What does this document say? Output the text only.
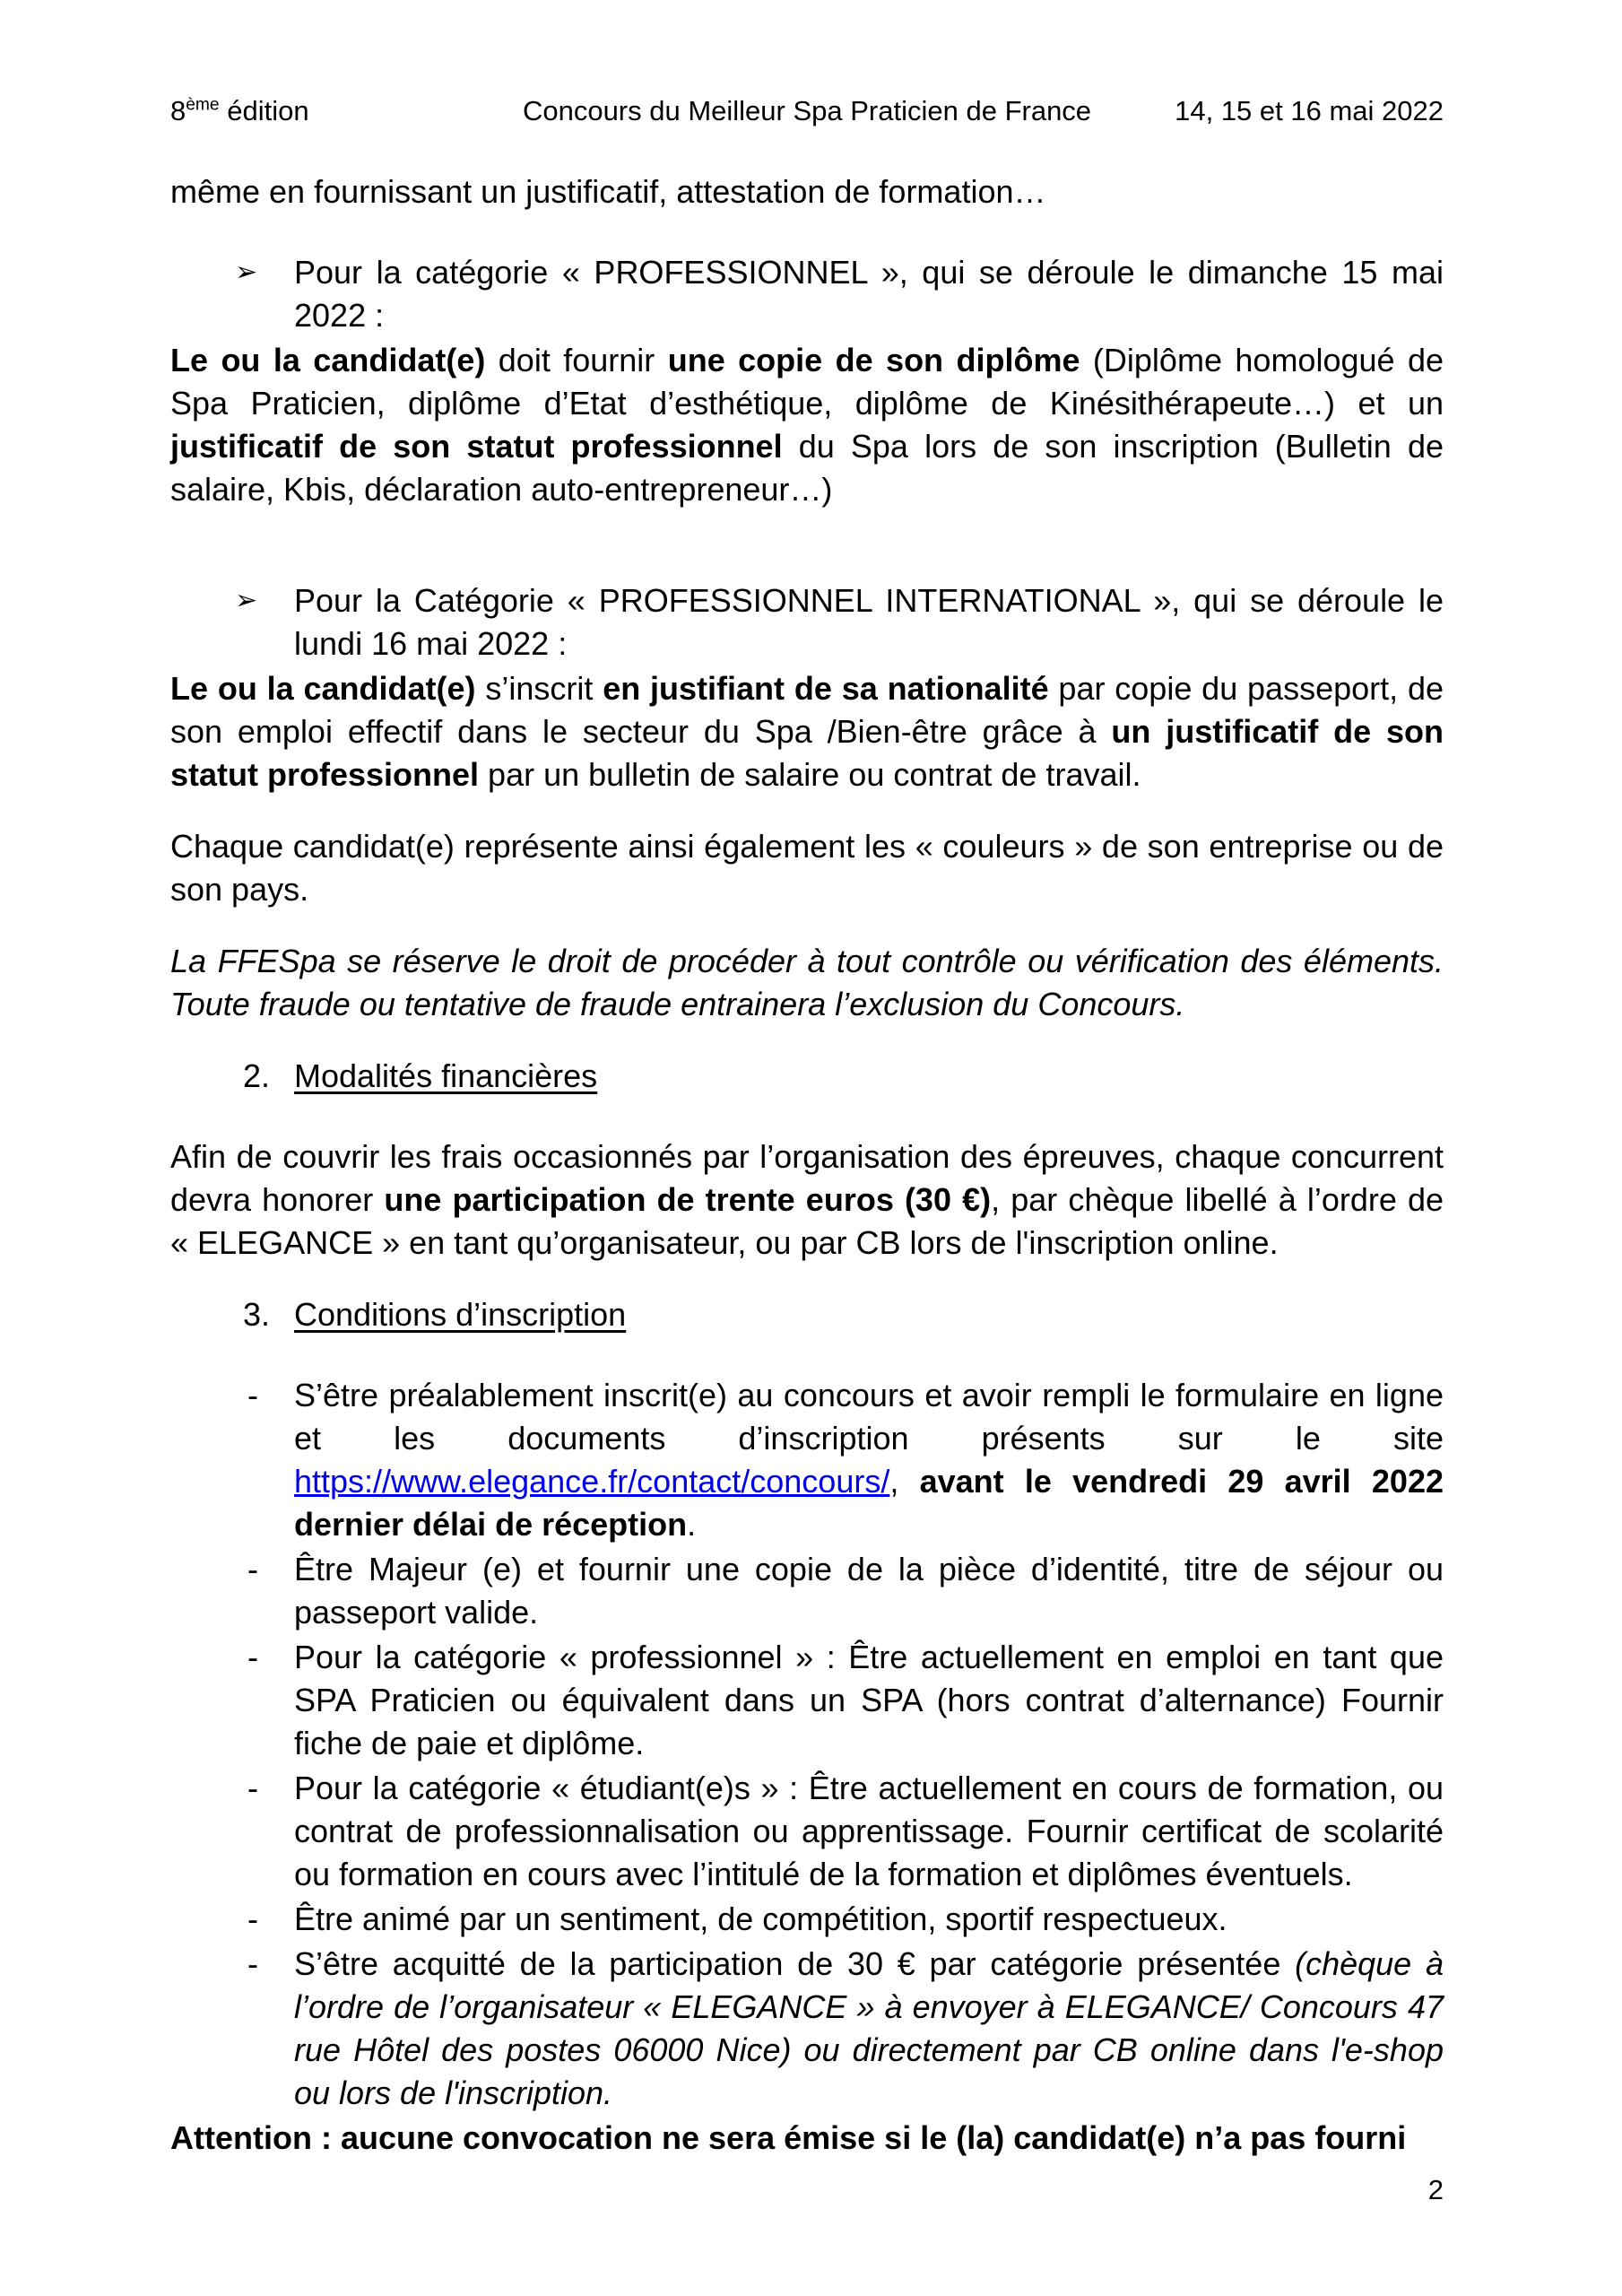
8ème édition	Concours du Meilleur Spa Praticien de France	14, 15 et 16 mai 2022
même en fournissant un justificatif, attestation de formation…
➢ Pour la catégorie « PROFESSIONNEL », qui se déroule le dimanche 15 mai 2022 :
Le ou la candidat(e) doit fournir une copie de son diplôme (Diplôme homologué de Spa Praticien, diplôme d’Etat d’esthétique, diplôme de Kinésithérapeute…) et un justificatif de son statut professionnel du Spa lors de son inscription (Bulletin de salaire, Kbis, déclaration auto-entrepreneur…)
➢ Pour la Catégorie « PROFESSIONNEL INTERNATIONAL », qui se déroule le lundi 16 mai 2022 :
Le ou la candidat(e) s’inscrit en justifiant de sa nationalité par copie du passeport, de son emploi effectif dans le secteur du Spa /Bien-être grâce à un justificatif de son statut professionnel par un bulletin de salaire ou contrat de travail.
Chaque candidat(e) représente ainsi également les « couleurs » de son entreprise ou de son pays.
La FFESpa se réserve le droit de procéder à tout contrôle ou vérification des éléments. Toute fraude ou tentative de fraude entrainera l’exclusion du Concours.
2. Modalités financières
Afin de couvrir les frais occasionnés par l’organisation des épreuves, chaque concurrent devra honorer une participation de trente euros (30 €), par chèque libellé à l’ordre de « ELEGANCE » en tant qu’organisateur, ou par CB lors de l'inscription online.
3. Conditions d’inscription
- S’être préalablement inscrit(e) au concours et avoir rempli le formulaire en ligne et les documents d’inscription présents sur le site https://www.elegance.fr/contact/concours/, avant le vendredi 29 avril 2022 dernier délai de réception.
- Être Majeur (e) et fournir une copie de la pièce d’identité, titre de séjour ou passeport valide.
- Pour la catégorie « professionnel » : Être actuellement en emploi en tant que SPA Praticien ou équivalent dans un SPA (hors contrat d’alternance) Fournir fiche de paie et diplôme.
- Pour la catégorie « étudiant(e)s » : Être actuellement en cours de formation, ou contrat de professionnalisation ou apprentissage. Fournir certificat de scolarité ou formation en cours avec l’intitulé de la formation et diplômes éventuels.
- Être animé par un sentiment, de compétition, sportif respectueux.
- S’être acquitté de la participation de 30 € par catégorie présentée (chèque à l’ordre de l’organisateur « ELEGANCE » à envoyer à ELEGANCE/ Concours 47 rue Hôtel des postes 06000 Nice) ou directement par CB online dans l'e-shop ou lors de l'inscription.
Attention : aucune convocation ne sera émise si le (la) candidat(e) n’a pas fourni
2
